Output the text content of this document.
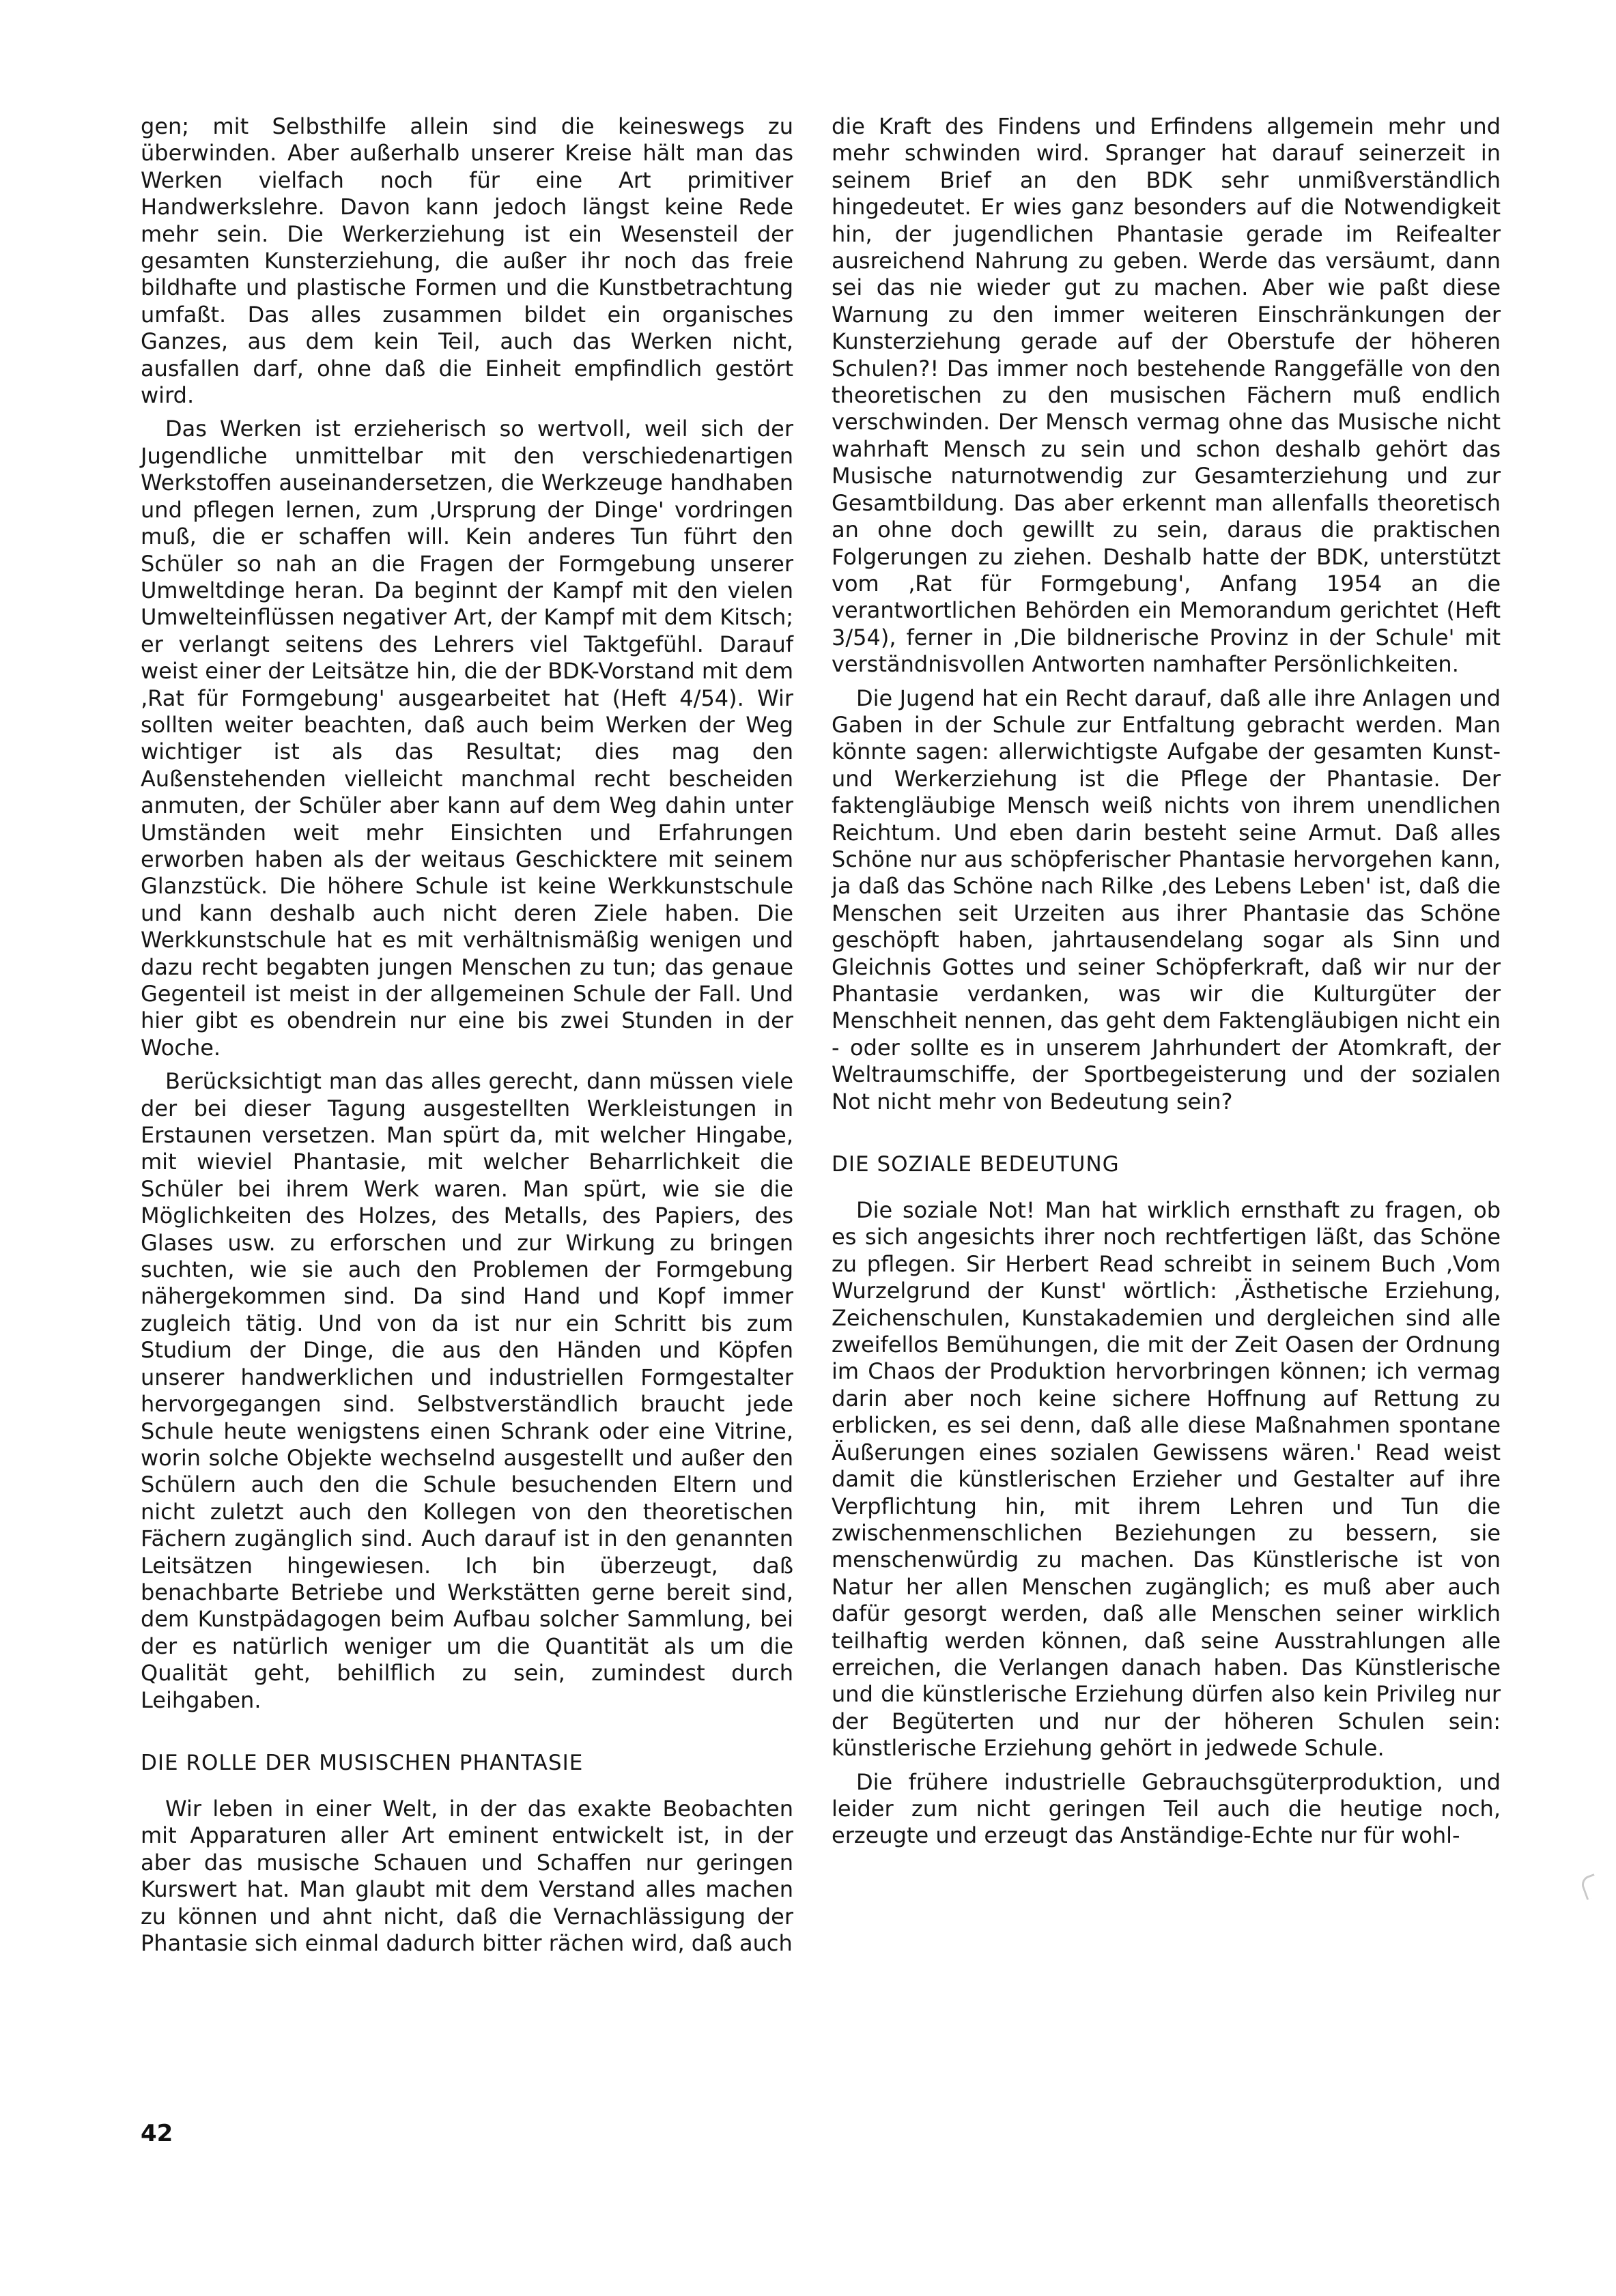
gen; mit Selbsthilfe allein sind die keineswegs zu überwinden. Aber außerhalb unserer Kreise hält man das Werken vielfach noch für eine Art primitiver Handwerkslehre. Davon kann jedoch längst keine Rede mehr sein. Die Werkerziehung ist ein Wesensteil der gesamten Kunsterziehung, die außer ihr noch das freie bildhafte und plastische Formen und die Kunstbetrachtung umfaßt. Das alles zusammen bildet ein organisches Ganzes, aus dem kein Teil, auch das Werken nicht, ausfallen darf, ohne daß die Einheit empfindlich gestört wird.

Das Werken ist erzieherisch so wertvoll, weil sich der Jugendliche unmittelbar mit den verschiedenartigen Werkstoffen auseinandersetzen, die Werkzeuge handhaben und pflegen lernen, zum ‚Ursprung der Dinge' vordringen muß, die er schaffen will. Kein anderes Tun führt den Schüler so nah an die Fragen der Formgebung unserer Umweltdinge heran. Da beginnt der Kampf mit den vielen Umwelteinflüssen negativer Art, der Kampf mit dem Kitsch; er verlangt seitens des Lehrers viel Taktgefühl. Darauf weist einer der Leitsätze hin, die der BDK-Vorstand mit dem ‚Rat für Formgebung' ausgearbeitet hat (Heft 4/54). Wir sollten weiter beachten, daß auch beim Werken der Weg wichtiger ist als das Resultat; dies mag den Außenstehenden vielleicht manchmal recht bescheiden anmuten, der Schüler aber kann auf dem Weg dahin unter Umständen weit mehr Einsichten und Erfahrungen erworben haben als der weitaus Geschicktere mit seinem Glanzstück. Die höhere Schule ist keine Werkkunstschule und kann deshalb auch nicht deren Ziele haben. Die Werkkunstschule hat es mit verhältnismäßig wenigen und dazu recht begabten jungen Menschen zu tun; das genaue Gegenteil ist meist in der allgemeinen Schule der Fall. Und hier gibt es obendrein nur eine bis zwei Stunden in der Woche.

Berücksichtigt man das alles gerecht, dann müssen viele der bei dieser Tagung ausgestellten Werkleistungen in Erstaunen versetzen. Man spürt da, mit welcher Hingabe, mit wieviel Phantasie, mit welcher Beharrlichkeit die Schüler bei ihrem Werk waren. Man spürt, wie sie die Möglichkeiten des Holzes, des Metalls, des Papiers, des Glases usw. zu erforschen und zur Wirkung zu bringen suchten, wie sie auch den Problemen der Formgebung nähergekommen sind. Da sind Hand und Kopf immer zugleich tätig. Und von da ist nur ein Schritt bis zum Studium der Dinge, die aus den Händen und Köpfen unserer handwerklichen und industriellen Formgestalter hervorgegangen sind. Selbstverständlich braucht jede Schule heute wenigstens einen Schrank oder eine Vitrine, worin solche Objekte wechselnd ausgestellt und außer den Schülern auch den die Schule besuchenden Eltern und nicht zuletzt auch den Kollegen von den theoretischen Fächern zugänglich sind. Auch darauf ist in den genannten Leitsätzen hingewiesen. Ich bin überzeugt, daß benachbarte Betriebe und Werkstätten gerne bereit sind, dem Kunstpädagogen beim Aufbau solcher Sammlung, bei der es natürlich weniger um die Quantität als um die Qualität geht, behilflich zu sein, zumindest durch Leihgaben.

DIE ROLLE DER MUSISCHEN PHANTASIE

Wir leben in einer Welt, in der das exakte Beobachten mit Apparaturen aller Art eminent entwickelt ist, in der aber das musische Schauen und Schaffen nur geringen Kurswert hat. Man glaubt mit dem Verstand alles machen zu können und ahnt nicht, daß die Vernachlässigung der Phantasie sich einmal dadurch bitter rächen wird, daß auch

die Kraft des Findens und Erfindens allgemein mehr und mehr schwinden wird. Spranger hat darauf seinerzeit in seinem Brief an den BDK sehr unmißverständlich hingedeutet. Er wies ganz besonders auf die Notwendigkeit hin, der jugendlichen Phantasie gerade im Reifealter ausreichend Nahrung zu geben. Werde das versäumt, dann sei das nie wieder gut zu machen. Aber wie paßt diese Warnung zu den immer weiteren Einschränkungen der Kunsterziehung gerade auf der Oberstufe der höheren Schulen?! Das immer noch bestehende Ranggefälle von den theoretischen zu den musischen Fächern muß endlich verschwinden. Der Mensch vermag ohne das Musische nicht wahrhaft Mensch zu sein und schon deshalb gehört das Musische naturnotwendig zur Gesamterziehung und zur Gesamtbildung. Das aber erkennt man allenfalls theoretisch an ohne doch gewillt zu sein, daraus die praktischen Folgerungen zu ziehen. Deshalb hatte der BDK, unterstützt vom ‚Rat für Formgebung', Anfang 1954 an die verantwortlichen Behörden ein Memorandum gerichtet (Heft 3/54), ferner in ‚Die bildnerische Provinz in der Schule' mit verständnisvollen Antworten namhafter Persönlichkeiten.

Die Jugend hat ein Recht darauf, daß alle ihre Anlagen und Gaben in der Schule zur Entfaltung gebracht werden. Man könnte sagen: allerwichtigste Aufgabe der gesamten Kunst- und Werkerziehung ist die Pflege der Phantasie. Der faktengläubige Mensch weiß nichts von ihrem unendlichen Reichtum. Und eben darin besteht seine Armut. Daß alles Schöne nur aus schöpferischer Phantasie hervorgehen kann, ja daß das Schöne nach Rilke ‚des Lebens Leben' ist, daß die Menschen seit Urzeiten aus ihrer Phantasie das Schöne geschöpft haben, jahrtausendelang sogar als Sinn und Gleichnis Gottes und seiner Schöpferkraft, daß wir nur der Phantasie verdanken, was wir die Kulturgüter der Menschheit nennen, das geht dem Faktengläubigen nicht ein - oder sollte es in unserem Jahrhundert der Atomkraft, der Weltraumschiffe, der Sportbegeisterung und der sozialen Not nicht mehr von Bedeutung sein?

DIE SOZIALE BEDEUTUNG

Die soziale Not! Man hat wirklich ernsthaft zu fragen, ob es sich angesichts ihrer noch rechtfertigen läßt, das Schöne zu pflegen. Sir Herbert Read schreibt in seinem Buch ‚Vom Wurzelgrund der Kunst' wörtlich: ‚Ästhetische Erziehung, Zeichenschulen, Kunstakademien und dergleichen sind alle zweifellos Bemühungen, die mit der Zeit Oasen der Ordnung im Chaos der Produktion hervorbringen können; ich vermag darin aber noch keine sichere Hoffnung auf Rettung zu erblicken, es sei denn, daß alle diese Maßnahmen spontane Äußerungen eines sozialen Gewissens wären.' Read weist damit die künstlerischen Erzieher und Gestalter auf ihre Verpflichtung hin, mit ihrem Lehren und Tun die zwischenmenschlichen Beziehungen zu bessern, sie menschenwürdig zu machen. Das Künstlerische ist von Natur her allen Menschen zugänglich; es muß aber auch dafür gesorgt werden, daß alle Menschen seiner wirklich teilhaftig werden können, daß seine Ausstrahlungen alle erreichen, die Verlangen danach haben. Das Künstlerische und die künstlerische Erziehung dürfen also kein Privileg nur der Begüterten und nur der höheren Schulen sein: künstlerische Erziehung gehört in jedwede Schule.

Die frühere industrielle Gebrauchsgüterproduktion, und leider zum nicht geringen Teil auch die heutige noch, erzeugte und erzeugt das Anständige-Echte nur für wohl-

42
